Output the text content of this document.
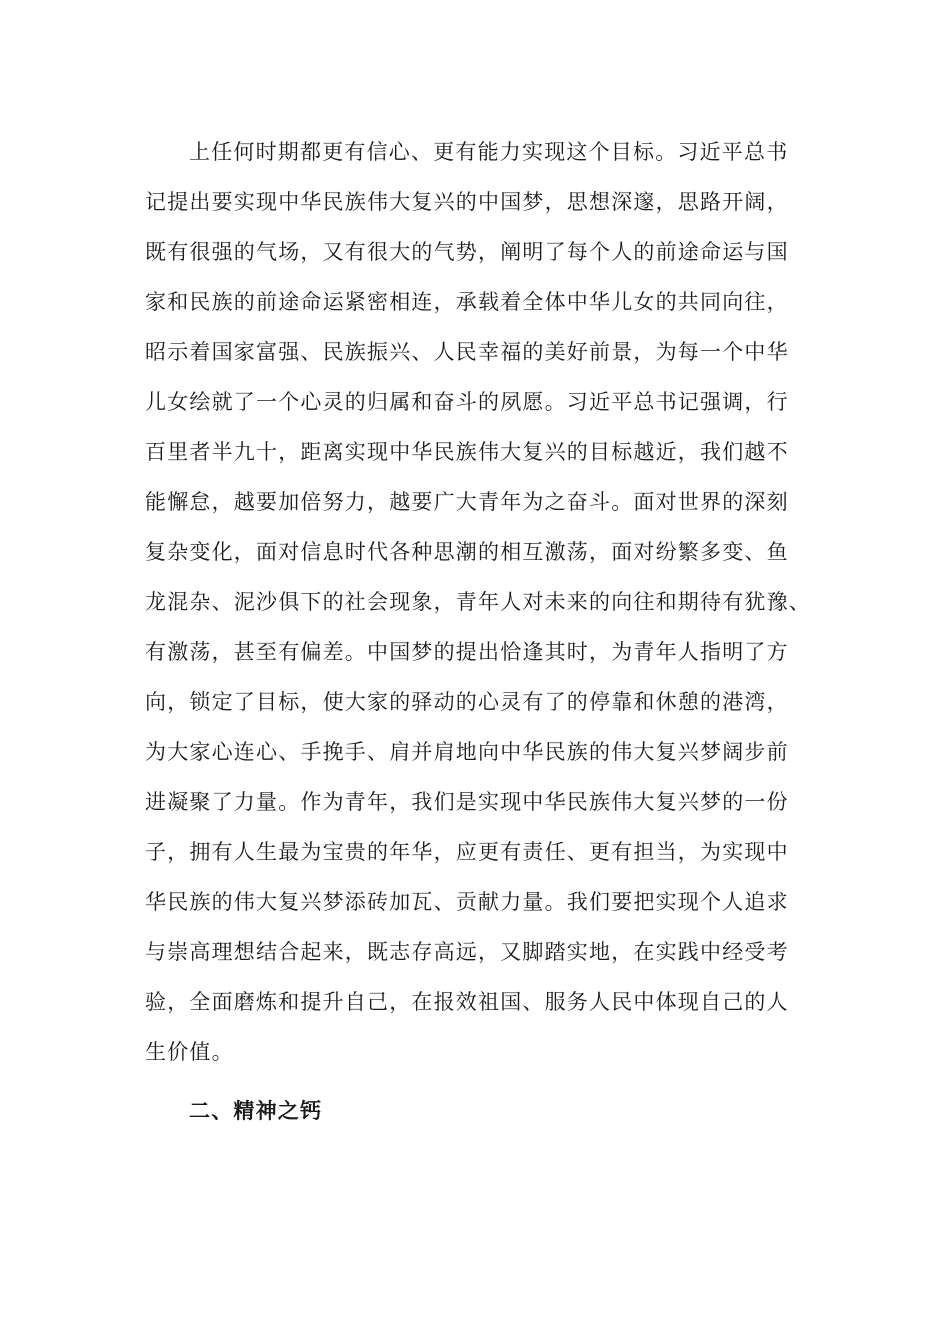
上任何时期都更有信心、更有能力实现这个目标。习近平总书
记提出要实现中华民族伟大复兴的中国梦，思想深邃，思路开阔，
既有很强的气场，又有很大的气势，阐明了每个人的前途命运与国
家和民族的前途命运紧密相连，承载着全体中华儿女的共同向往，
昭示着国家富强、民族振兴、人民幸福的美好前景，为每一个中华
儿女绘就了一个心灵的归属和奋斗的夙愿。习近平总书记强调，行
百里者半九十，距离实现中华民族伟大复兴的目标越近，我们越不
能懈怠，越要加倍努力，越要广大青年为之奋斗。面对世界的深刻
复杂变化，面对信息时代各种思潮的相互激荡，面对纷繁多变、鱼
龙混杂、泥沙俱下的社会现象，青年人对未来的向往和期待有犹豫、
有激荡，甚至有偏差。中国梦的提出恰逢其时，为青年人指明了方
向，锁定了目标，使大家的驿动的心灵有了的停靠和休憩的港湾，
为大家心连心、手挽手、肩并肩地向中华民族的伟大复兴梦阔步前
进凝聚了力量。作为青年，我们是实现中华民族伟大复兴梦的一份
子，拥有人生最为宝贵的年华，应更有责任、更有担当，为实现中
华民族的伟大复兴梦添砖加瓦、贡献力量。我们要把实现个人追求
与崇高理想结合起来，既志存高远，又脚踏实地，在实践中经受考
验，全面磨炼和提升自己，在报效祖国、服务人民中体现自己的人
生价值。
二、精神之钙
